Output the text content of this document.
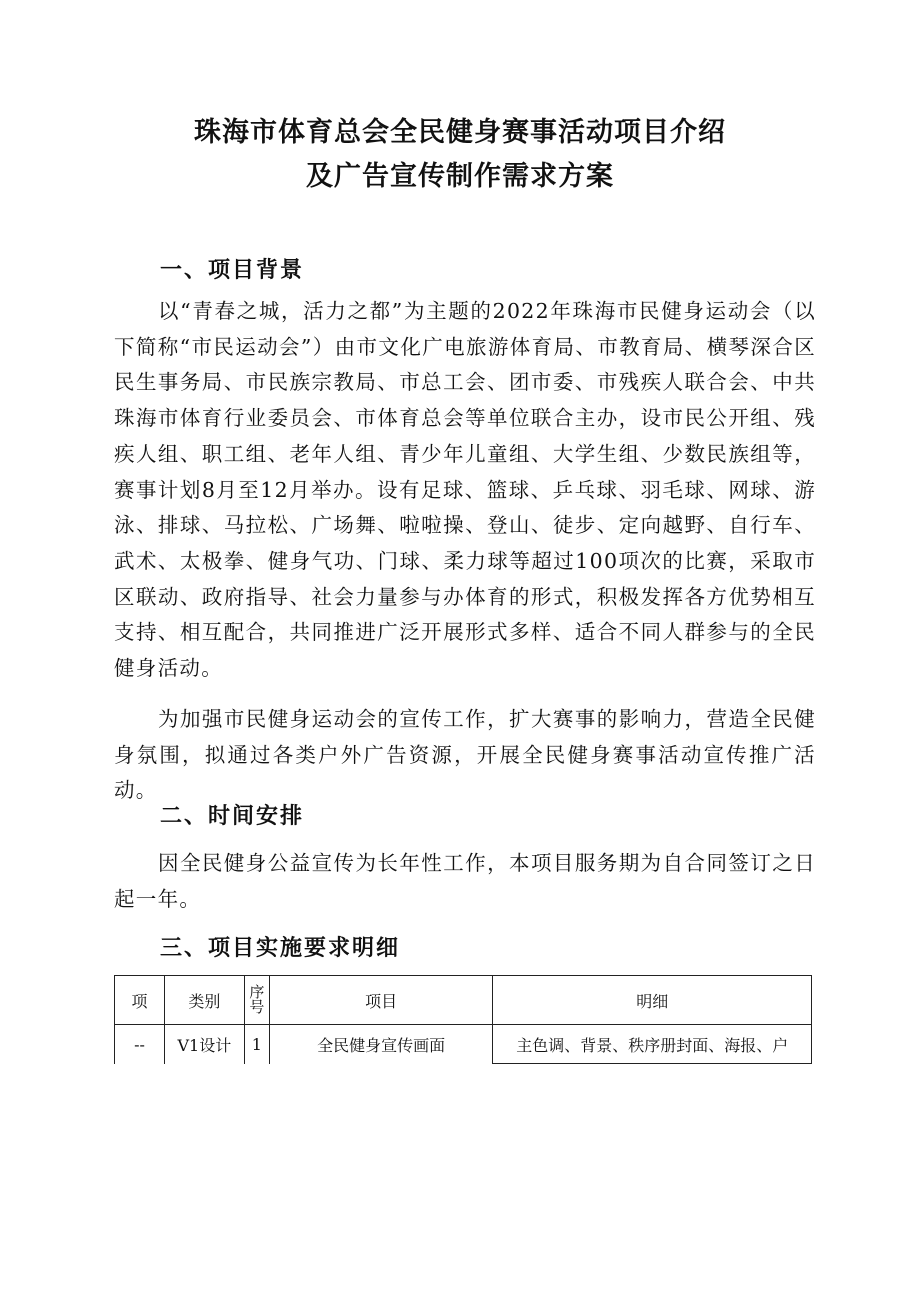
珠海市体育总会全民健身赛事活动项目介绍
及广告宣传制作需求方案
一、项目背景

以“青春之城，活力之都”为主题的2022年珠海市民健身运动会（以下简称“市民运动会”）由市文化广电旅游体育局、市教育局、横琴深合区民生事务局、市民族宗教局、市总工会、团市委、市残疾人联合会、中共珠海市体育行业委员会、市体育总会等单位联合主办，设市民公开组、残疾人组、职工组、老年人组、青少年儿童组、大学生组、少数民族组等，赛事计划8月至12月举办。设有足球、篮球、乒乓球、羽毛球、网球、游泳、排球、马拉松、广场舞、啦啦操、登山、徒步、定向越野、自行车、武术、太极拳、健身气功、门球、柔力球等超过100项次的比赛，采取市区联动、政府指导、社会力量参与办体育的形式，积极发挥各方优势相互支持、相互配合，共同推进广泛开展形式多样、适合不同人群参与的全民健身活动。

为加强市民健身运动会的宣传工作，扩大赛事的影响力，营造全民健身氛围，拟通过各类户外广告资源，开展全民健身赛事活动宣传推广活动。

二、时间安排

因全民健身公益宣传为长年性工作，本项目服务期为自合同签订之日起一年。

三、项目实施要求明细
项	类别	序号	项目	明细
--	V1设计	1	全民健身宣传画面	主色调、背景、秩序册封面、海报、户
